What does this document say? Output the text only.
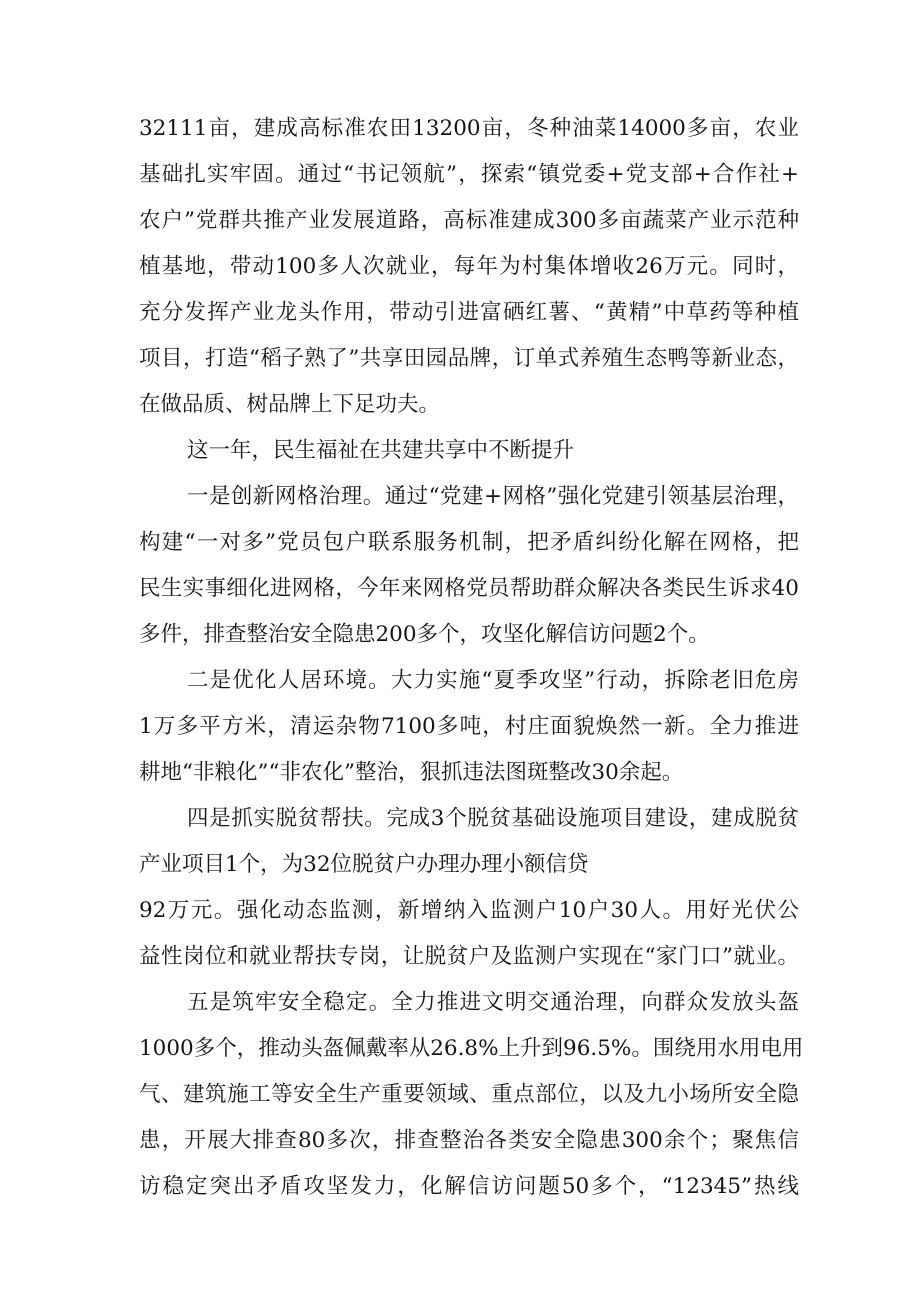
32111亩，建成高标准农田13200亩，冬种油菜14000多亩，农业
基础扎实牢固。通过“书记领航”，探索“镇党委+党支部+合作社+
农户”党群共推产业发展道路，高标准建成300多亩蔬菜产业示范种
植基地，带动100多人次就业，每年为村集体增收26万元。同时，
充分发挥产业龙头作用，带动引进富硒红薯、“黄精”中草药等种植
项目，打造“稻子熟了”共享田园品牌，订单式养殖生态鸭等新业态，
在做品质、树品牌上下足功夫。
这一年，民生福祉在共建共享中不断提升
一是创新网格治理。通过“党建+网格”强化党建引领基层治理，
构建“一对多”党员包户联系服务机制，把矛盾纠纷化解在网格，把
民生实事细化进网格，今年来网格党员帮助群众解决各类民生诉求40
多件，排查整治安全隐患200多个，攻坚化解信访问题2个。
二是优化人居环境。大力实施“夏季攻坚”行动，拆除老旧危房
1万多平方米，清运杂物7100多吨，村庄面貌焕然一新。全力推进
耕地“非粮化”“非农化”整治，狠抓违法图斑整改30余起。
四是抓实脱贫帮扶。完成3个脱贫基础设施项目建设，建成脱贫
产业项目1个，为32位脱贫户办理办理小额信贷
92万元。强化动态监测，新增纳入监测户10户30人。用好光伏公
益性岗位和就业帮扶专岗，让脱贫户及监测户实现在“家门口”就业。
五是筑牢安全稳定。全力推进文明交通治理，向群众发放头盔
1000多个，推动头盔佩戴率从26.8%上升到96.5%。围绕用水用电用
气、建筑施工等安全生产重要领域、重点部位，以及九小场所安全隐
患，开展大排查80多次，排查整治各类安全隐患300余个；聚焦信
访稳定突出矛盾攻坚发力，化解信访问题50多个，“12345”热线
